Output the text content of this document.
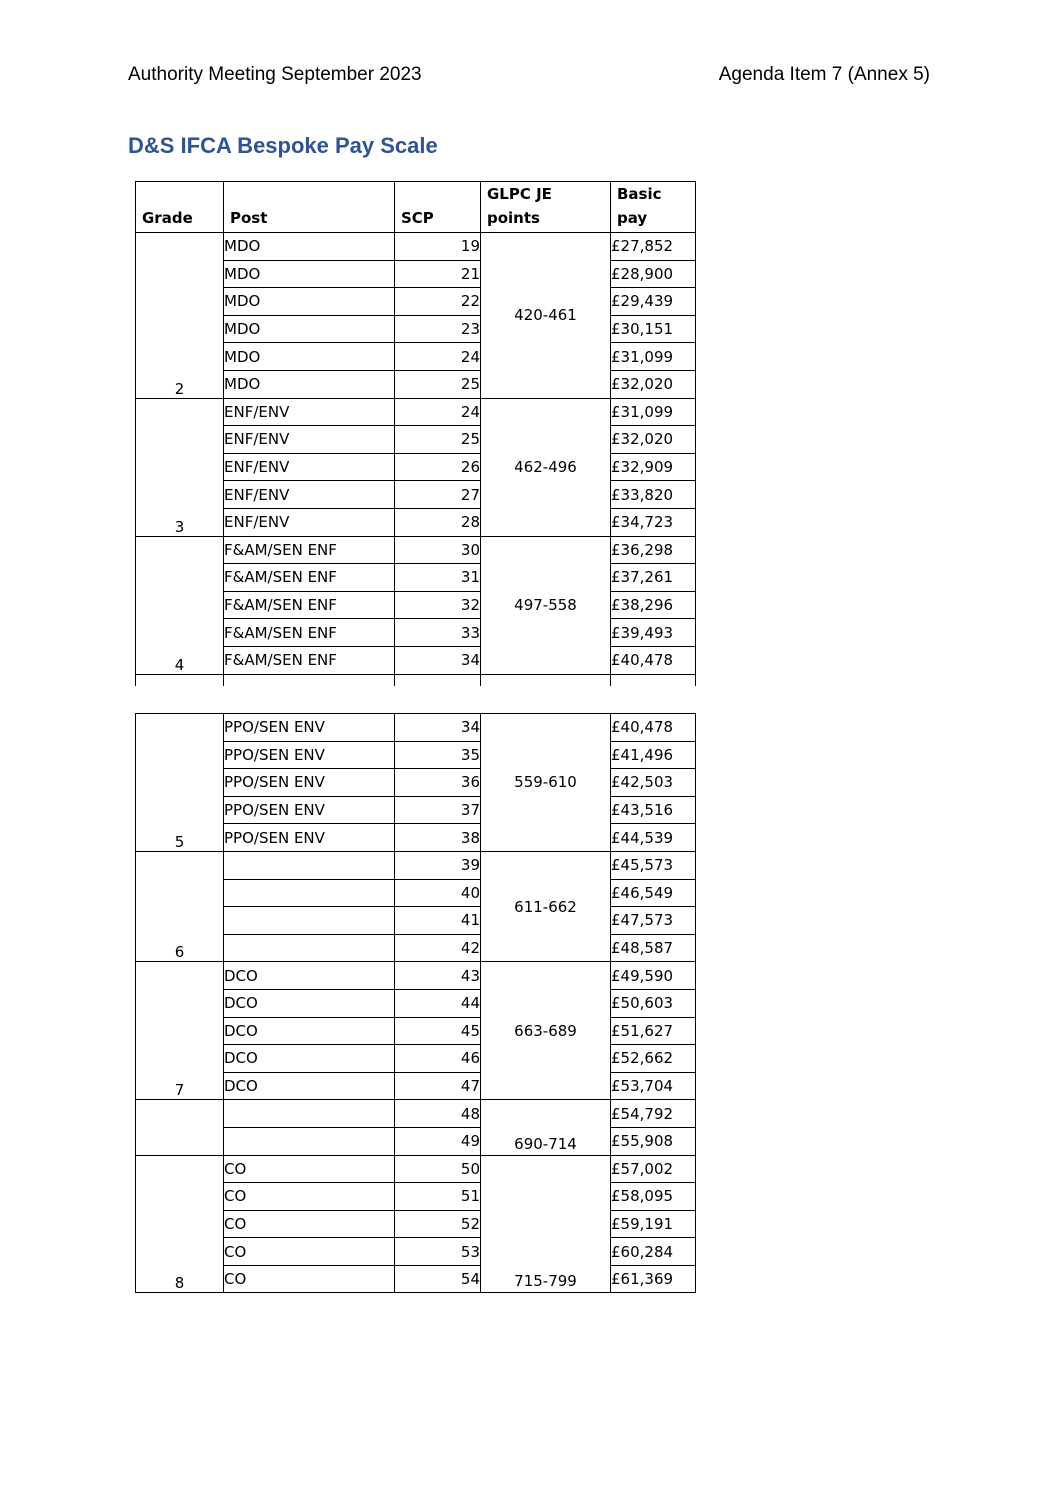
Authority Meeting September 2023	Agenda Item 7 (Annex 5)
D&S IFCA Bespoke Pay Scale
Grade	Post	SCP	GLPC JE points	Basic pay
2	MDO	19	420-461	£27,852
	MDO	21		£28,900
	MDO	22		£29,439
	MDO	23		£30,151
	MDO	24		£31,099
	MDO	25		£32,020
3	ENF/ENV	24	462-496	£31,099
	ENF/ENV	25		£32,020
	ENF/ENV	26		£32,909
	ENF/ENV	27		£33,820
	ENF/ENV	28		£34,723
4	F&AM/SEN ENF	30	497-558	£36,298
	F&AM/SEN ENF	31		£37,261
	F&AM/SEN ENF	32		£38,296
	F&AM/SEN ENF	33		£39,493
	F&AM/SEN ENF	34		£40,478

5	PPO/SEN ENV	34	559-610	£40,478
	PPO/SEN ENV	35		£41,496
	PPO/SEN ENV	36		£42,503
	PPO/SEN ENV	37		£43,516
	PPO/SEN ENV	38		£44,539
6		39	611-662	£45,573
		40		£46,549
		41		£47,573
		42		£48,587
7	DCO	43	663-689	£49,590
	DCO	44		£50,603
	DCO	45		£51,627
	DCO	46		£52,662
	DCO	47		£53,704
		48	690-714	£54,792
		49		£55,908
8	CO	50	715-799	£57,002
	CO	51		£58,095
	CO	52		£59,191
	CO	53		£60,284
	CO	54		£61,369
